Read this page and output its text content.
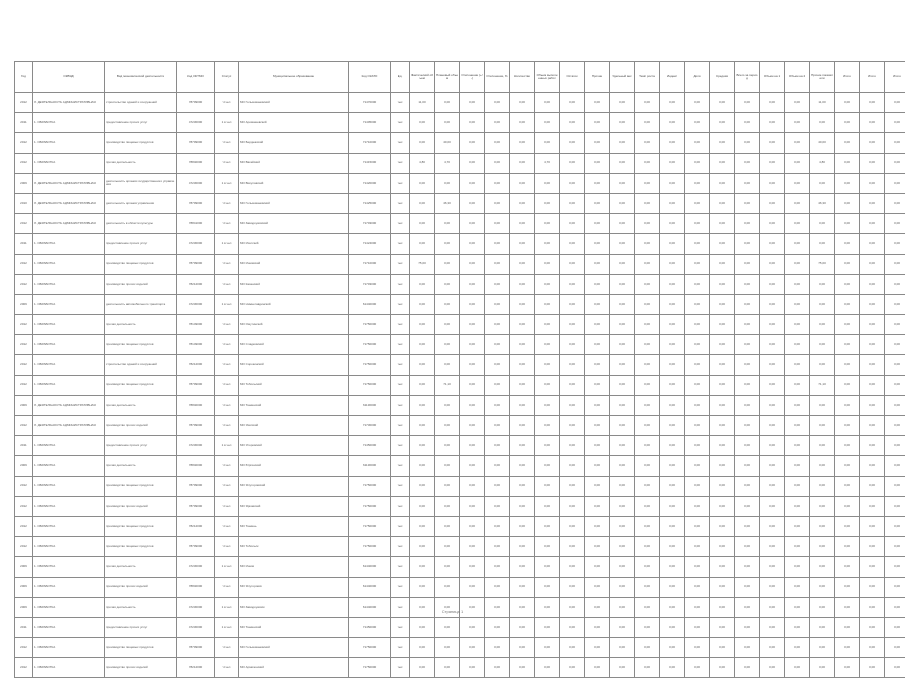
Год	ОКВЭД	Вид экономической деятельности	Код ОКТМО	Статус	Муниципальное образование	Код ОКАТО	Ед.	Фактический объем	Плановый объем	Отклонение (+/-)	Отклонение, %	Количество	Объем выполненных работ	Остаток	Прочие	Удельный вес	Темп роста	Индекс	Доля	Средняя	Всего за период	Объем на 1	Объем на 2	Прочие показатели	Итого	Итого	Итого
2012	Л. ДЕЯТЕЛЬНОСТЬ АДМИНИСТРАТИВНАЯ	строительство зданий и сооружений	78709000	Ч.чел	МО Голышмановский	71470000	тыс	11,00	0,00	0,00	0,00	0,00	0,00	0,00	0,00	0,00	0,00	0,00	0,00	0,00	0,00	0,00	0,00	11,00	0,00	0,00	0,00
2011	1. ОБРАБОТКА	предоставление прочих услуг	47230000	1 в чел	МО Аромашевский	71405000	тыс	0,00	0,00	0,00	0,00	0,00	0,00	0,00	0,00	0,00	0,00	0,00	0,00	0,00	0,00	0,00	0,00	0,00	0,00	0,00	0,00
2012	1. ОБРАБОТКА	производство пищевых продуктов	78709000	Ч.чел	МО Бердюжский	71710000	тыс	0,00	40,00	0,00	0,00	0,00	0,00	0,00	0,00	0,00	0,00	0,00	0,00	0,00	0,00	0,00	0,00	40,00	0,00	0,00	0,00
2012	1. ОБРАБОТКА	прочая деятельность	78840000	Ч.чел	МО Вагайский	71415000	тыс	4,80	4,70	0,00	0,00	0,00	4,70	0,00	0,00	0,00	0,00	0,00	0,00	0,00	0,00	0,00	0,00	4,80	0,00	0,00	0,00
2009	Л. ДЕЯТЕЛЬНОСТЬ АДМИНИСТРАТИВНАЯ	деятельность органов государственного управления	47230000	1 в чел	МО Викуловский	71420000	тыс	0,00	0,00	0,00	0,00	0,00	0,00	0,00	0,00	0,00	0,00	0,00	0,00	0,00	0,00	0,00	0,00	0,00	0,00	0,00	0,00
2010	Л. ДЕЯТЕЛЬНОСТЬ АДМИНИСТРАТИВНАЯ	деятельность органов управления	78709000	Ч.чел	МО Голышмановский	71425000	тыс	0,00	46,30	0,00	0,00	0,00	0,00	0,00	0,00	0,00	0,00	0,00	0,00	0,00	0,00	0,00	0,00	46,30	0,00	0,00	0,00
2012	Л. ДЕЯТЕЛЬНОСТЬ АДМИНИСТРАТИВНАЯ	деятельность в области культуры	78841000	Ч.чел	МО Заводоуковский	71703000	тыс	0,00	0,00	0,00	0,00	0,00	0,00	0,00	0,00	0,00	0,00	0,00	0,00	0,00	0,00	0,00	0,00	0,00	0,00	0,00	0,00
2011	1. ОБРАБОТКА	предоставление прочих услуг	47230000	1 в чел	МО Исетский	71424000	тыс	0,00	0,00	0,00	0,00	0,00	0,00	0,00	0,00	0,00	0,00	0,00	0,00	0,00	0,00	0,00	0,00	0,00	0,00	0,00	0,00
2012	1. ОБРАБОТКА	производство пищевых продуктов	78709000	Ч.чел	МО Ишимский	71710000	тыс	75,00	0,00	0,00	0,00	0,00	0,00	0,00	0,00	0,00	0,00	0,00	0,00	0,00	0,00	0,00	0,00	75,00	0,00	0,00	0,00
2012	1. ОБРАБОТКА	производство прочих изделий	78212000	Ч.чел	МО Казанский	71703000	тыс	0,00	0,00	0,00	0,00	0,00	0,00	0,00	0,00	0,00	0,00	0,00	0,00	0,00	0,00	0,00	0,00	0,00	0,00	0,00	0,00
2009	1. ОБРАБОТКА	деятельность автомобильного транспорта	47230000	1 в чел	МО Нижнетавдинский	61440000	тыс	0,00	0,00	0,00	0,00	0,00	0,00	0,00	0,00	0,00	0,00	0,00	0,00	0,00	0,00	0,00	0,00	0,00	0,00	0,00	0,00
2012	1. ОБРАБОТКА	прочая деятельность	78149000	Ч.чел	МО Омутинский	71750000	тыс	0,00	0,00	0,00	0,00	0,00	0,00	0,00	0,00	0,00	0,00	0,00	0,00	0,00	0,00	0,00	0,00	0,00	0,00	0,00	0,00
2012	1. ОБРАБОТКА	производство пищевых продуктов	78149000	Ч.чел	МО Сладковский	71750000	тыс	0,00	0,00	0,00	0,00	0,00	0,00	0,00	0,00	0,00	0,00	0,00	0,00	0,00	0,00	0,00	0,00	0,00	0,00	0,00	0,00
2012	1. ОБРАБОТКА	строительство зданий и сооружений	78212000	Ч.чел	МО Сорокинский	71750000	тыс	0,00	0,00	0,00	0,00	0,00	0,00	0,00	0,00	0,00	0,00	0,00	0,00	0,00	0,00	0,00	0,00	0,00	0,00	0,00	0,00
2012	1. ОБРАБОТКА	производство пищевых продуктов	78709000	Ч.чел	МО Тобольский	71750000	тыс	0,00	71,10	0,00	0,00	0,00	0,00	0,00	0,00	0,00	0,00	0,00	0,00	0,00	0,00	0,00	0,00	71,10	0,00	0,00	0,00
2009	Л. ДЕЯТЕЛЬНОСТЬ АДМИНИСТРАТИВНАЯ	прочая деятельность	78840000	Ч.чел	МО Тюменский	61130000	тыс	0,00	0,00	0,00	0,00	0,00	0,00	0,00	0,00	0,00	0,00	0,00	0,00	0,00	0,00	0,00	0,00	0,00	0,00	0,00	0,00
2012	Л. ДЕЯТЕЛЬНОСТЬ АДМИНИСТРАТИВНАЯ	производство прочих изделий	78709000	Ч.чел	МО Уватский	71730000	тыс	0,00	0,00	0,00	0,00	0,00	0,00	0,00	0,00	0,00	0,00	0,00	0,00	0,00	0,00	0,00	0,00	0,00	0,00	0,00	0,00
2011	1. ОБРАБОТКА	предоставление прочих услуг	47230000	1 в чел	МО Упоровский	71450000	тыс	0,00	0,00	0,00	0,00	0,00	0,00	0,00	0,00	0,00	0,00	0,00	0,00	0,00	0,00	0,00	0,00	0,00	0,00	0,00	0,00
2009	1. ОБРАБОТКА	прочая деятельность	78840000	Ч.чел	МО Юргинский	61130000	тыс	0,00	0,00	0,00	0,00	0,00	0,00	0,00	0,00	0,00	0,00	0,00	0,00	0,00	0,00	0,00	0,00	0,00	0,00	0,00	0,00
2012	1. ОБРАБОТКА	производство пищевых продуктов	78709000	Ч.чел	МО Ялуторовский	71750000	тыс	0,00	0,00	0,00	0,00	0,00	0,00	0,00	0,00	0,00	0,00	0,00	0,00	0,00	0,00	0,00	0,00	0,00	0,00	0,00	0,00
2012	1. ОБРАБОТКА	производство прочих изделий	78709000	Ч.чел	МО Ярковский	71750000	тыс	0,00	0,00	0,00	0,00	0,00	0,00	0,00	0,00	0,00	0,00	0,00	0,00	0,00	0,00	0,00	0,00	0,00	0,00	0,00	0,00
2012	1. ОБРАБОТКА	производство пищевых продуктов	78212000	Ч.чел	МО Тюмень	71750000	тыс	0,00	0,00	0,00	0,00	0,00	0,00	0,00	0,00	0,00	0,00	0,00	0,00	0,00	0,00	0,00	0,00	0,00	0,00	0,00	0,00
2012	1. ОБРАБОТКА	производство пищевых продуктов	78709000	Ч.чел	МО Тобольск	71750000	тыс	0,00	0,00	0,00	0,00	0,00	0,00	0,00	0,00	0,00	0,00	0,00	0,00	0,00	0,00	0,00	0,00	0,00	0,00	0,00	0,00
2009	1. ОБРАБОТКА	прочая деятельность	47230000	1 в чел	МО Ишим	61440000	тыс	0,00	0,00	0,00	0,00	0,00	0,00	0,00	0,00	0,00	0,00	0,00	0,00	0,00	0,00	0,00	0,00	0,00	0,00	0,00	0,00
2009	1. ОБРАБОТКА	производство прочих изделий	78840000	Ч.чел	МО Ялуторовск	61440000	тыс	0,00	0,00	0,00	0,00	0,00	0,00	0,00	0,00	0,00	0,00	0,00	0,00	0,00	0,00	0,00	0,00	0,00	0,00	0,00	0,00
2009	1. ОБРАБОТКА	прочая деятельность	47230000	1 в чел	МО Заводоуковск	61440000	тыс	0,00	0,00	0,00	0,00	0,00	0,00	0,00	0,00	0,00	0,00	0,00	0,00	0,00	0,00	0,00	0,00	0,00	0,00	0,00	0,00
2011	1. ОБРАБОТКА	предоставление прочих услуг	47230000	1 в чел	МО Тюменский	71450000	тыс	0,00	0,00	0,00	0,00	0,00	0,00	0,00	0,00	0,00	0,00	0,00	0,00	0,00	0,00	0,00	0,00	0,00	0,00	0,00	0,00
2012	1. ОБРАБОТКА	производство пищевых продуктов	78709000	Ч.чел	МО Голышмановский	71750000	тыс	0,00	0,00	0,00	0,00	0,00	0,00	0,00	0,00	0,00	0,00	0,00	0,00	0,00	0,00	0,00	0,00	0,00	0,00	0,00	0,00
2012	1. ОБРАБОТКА	производство прочих изделий	78212000	Ч.чел	МО Армизонский	71750000	тыс	0,00	0,00	0,00	0,00	0,00	0,00	0,00	0,00	0,00	0,00	0,00	0,00	0,00	0,00	0,00	0,00	0,00	0,00	0,00	0,00
Страница 1
